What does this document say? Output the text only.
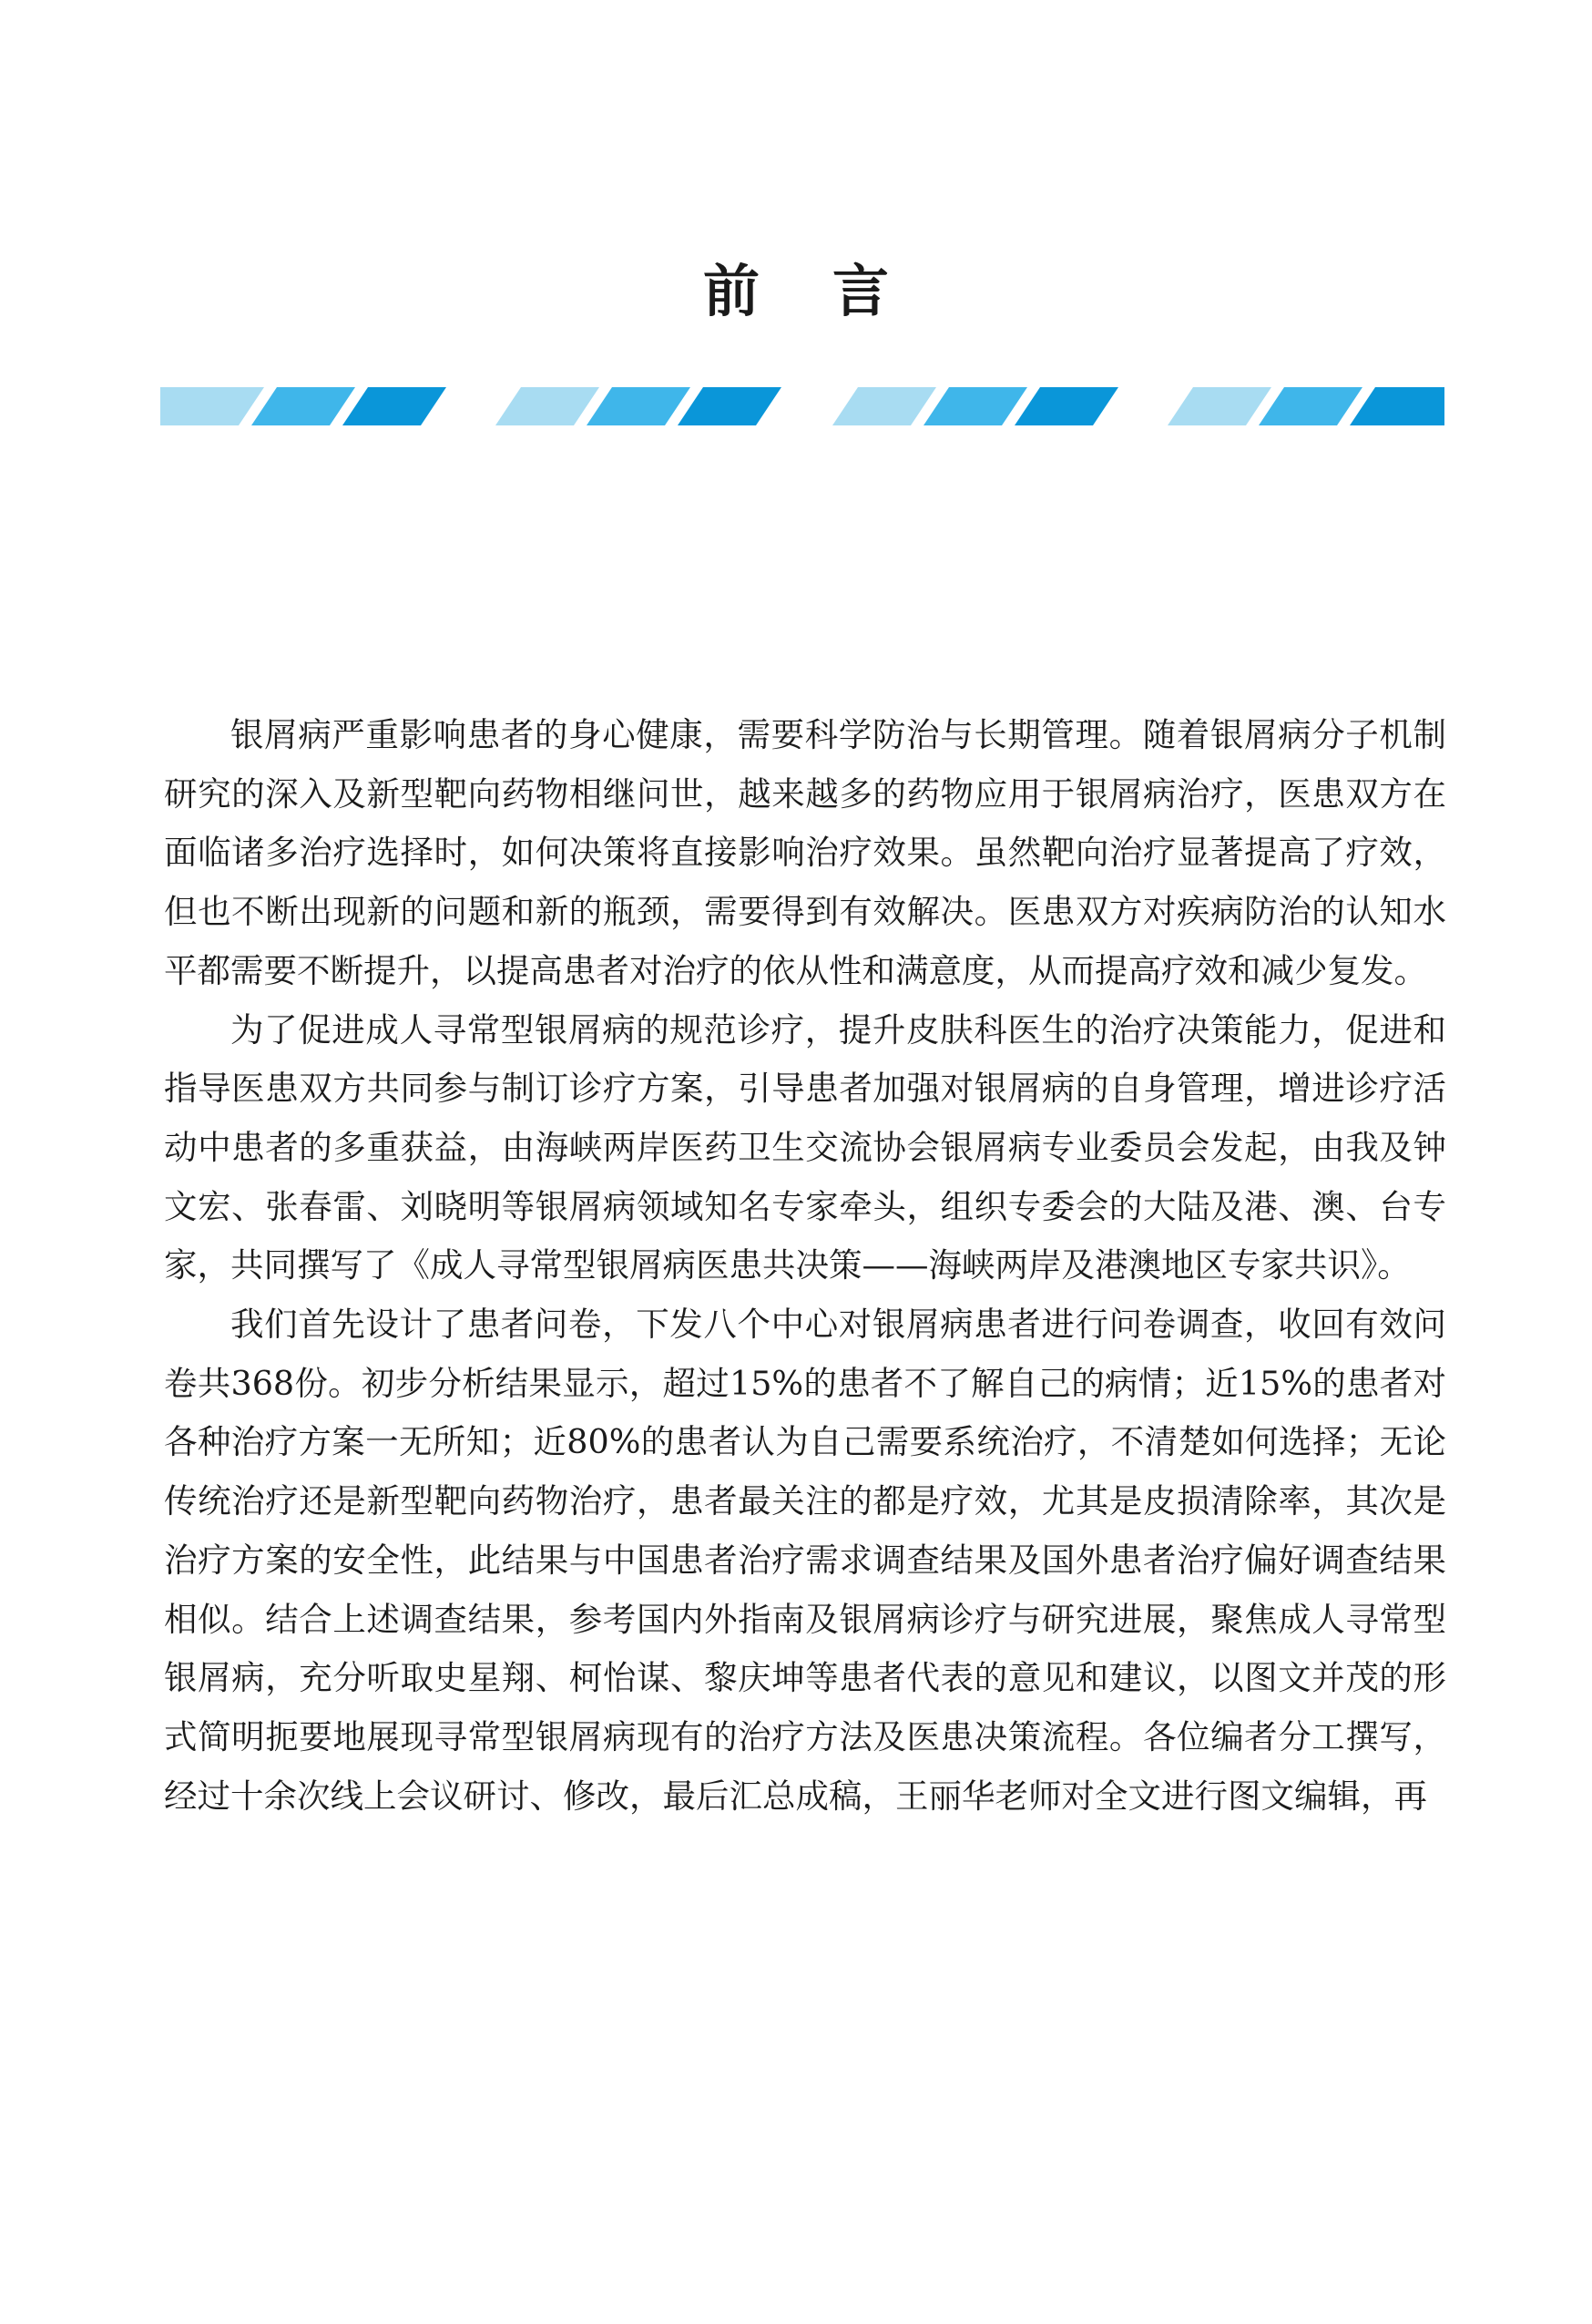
前 言

银屑病严重影响患者的身心健康，需要科学防治与长期管理。随着银屑病分子机制研究的深入及新型靶向药物相继问世，越来越多的药物应用于银屑病治疗，医患双方在面临诸多治疗选择时，如何决策将直接影响治疗效果。虽然靶向治疗显著提高了疗效，但也不断出现新的问题和新的瓶颈，需要得到有效解决。医患双方对疾病防治的认知水平都需要不断提升，以提高患者对治疗的依从性和满意度，从而提高疗效和减少复发。

为了促进成人寻常型银屑病的规范诊疗，提升皮肤科医生的治疗决策能力，促进和指导医患双方共同参与制订诊疗方案，引导患者加强对银屑病的自身管理，增进诊疗活动中患者的多重获益，由海峡两岸医药卫生交流协会银屑病专业委员会发起，由我及钟文宏、张春雷、刘晓明等银屑病领域知名专家牵头，组织专委会的大陆及港、澳、台专家，共同撰写了《成人寻常型银屑病医患共决策——海峡两岸及港澳地区专家共识》。

我们首先设计了患者问卷，下发八个中心对银屑病患者进行问卷调查，收回有效问卷共368份。初步分析结果显示，超过15%的患者不了解自己的病情；近15%的患者对各种治疗方案一无所知；近80%的患者认为自己需要系统治疗，不清楚如何选择；无论传统治疗还是新型靶向药物治疗，患者最关注的都是疗效，尤其是皮损清除率，其次是治疗方案的安全性，此结果与中国患者治疗需求调查结果及国外患者治疗偏好调查结果相似。结合上述调查结果，参考国内外指南及银屑病诊疗与研究进展，聚焦成人寻常型银屑病，充分听取史星翔、柯怡谋、黎庆坤等患者代表的意见和建议，以图文并茂的形式简明扼要地展现寻常型银屑病现有的治疗方法及医患决策流程。各位编者分工撰写，经过十余次线上会议研讨、修改，最后汇总成稿，王丽华老师对全文进行图文编辑，再
